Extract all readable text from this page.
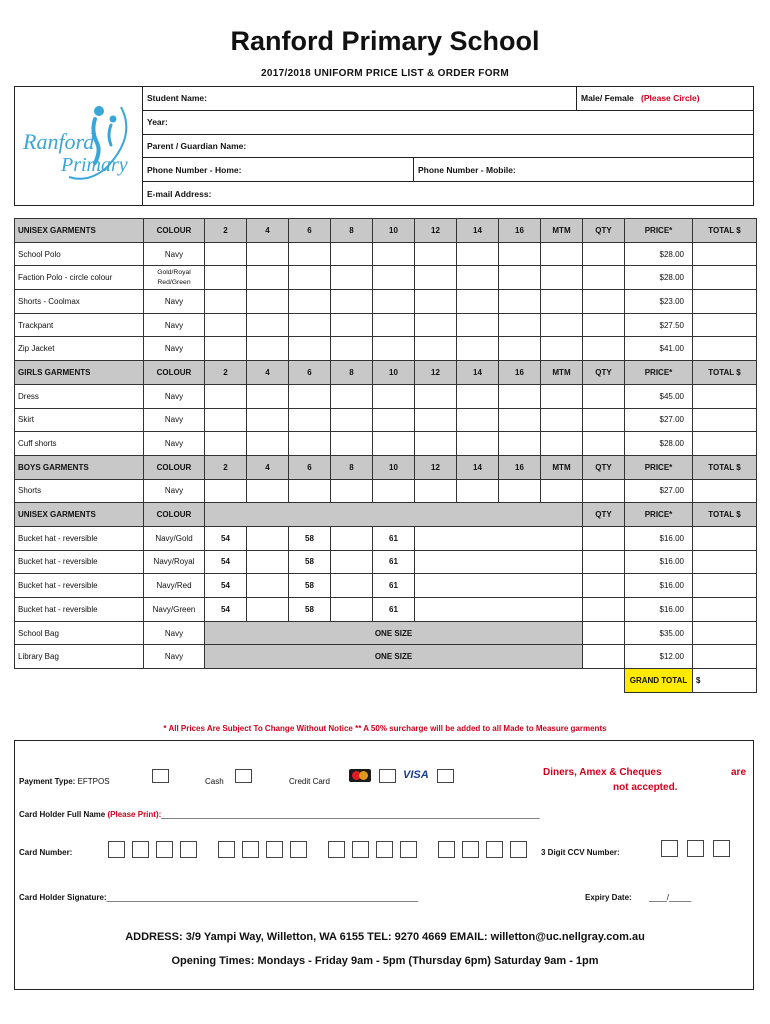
Ranford Primary School
2017/2018 UNIFORM PRICE LIST & ORDER FORM
Ranford
Primary
Student Name:	Male/ Female (Please Circle)
Year:
Parent / Guardian Name:

Phone Number - Home:	Phone Number - Mobile:

E-mail Address:
UNISEX GARMENTS	COLOUR	2	4	6	8	10	12	14	16	MTM	QTY	PRICE*	TOTAL $
School Polo	Navy											$28.00	
Faction Polo - circle colour	Gold/Royal Red/Green											$28.00	
Shorts - Coolmax	Navy											$23.00	
Trackpant	Navy											$27.50	
Zip Jacket	Navy											$41.00	
GIRLS GARMENTS	COLOUR	2	4	6	8	10	12	14	16	MTM	QTY	PRICE*	TOTAL $
Dress	Navy											$45.00	
Skirt	Navy											$27.00	
Cuff shorts	Navy											$28.00	
BOYS GARMENTS	COLOUR	2	4	6	8	10	12	14	16	MTM	QTY	PRICE*	TOTAL $
Shorts	Navy											$27.00	
UNISEX GARMENTS	COLOUR										QTY	PRICE*	TOTAL $
Bucket hat - reversible	Navy/Gold	54		58		61						$16.00	
Bucket hat - reversible	Navy/Royal	54		58		61						$16.00	
Bucket hat - reversible	Navy/Red	54		58		61						$16.00	
Bucket hat - reversible	Navy/Green	54		58		61						$16.00	
School Bag	Navy	ONE SIZE										$35.00	
Library Bag	Navy	ONE SIZE										$12.00	
												GRAND TOTAL	$
* All Prices Are Subject To Change Without Notice ** A 50% surcharge will be added to all Made to Measure garments
Payment Type: EFTPOS	Cash	Credit Card
VISA	Diners, Amex & Cheques	are
not accepted.
Card Holder Full Name (Please Print):_____________________________________________________________________________________
Card Number:	3 Digit CCV Number:
Card Holder Signature:______________________________________________________________________	Expiry Date: ____/_____
ADDRESS: 3/9 Yampi Way, Willetton, WA 6155 TEL: 9270 4669 EMAIL: willetton@uc.nellgray.com.au
Opening Times: Mondays - Friday 9am - 5pm (Thursday 6pm) Saturday 9am - 1pm
